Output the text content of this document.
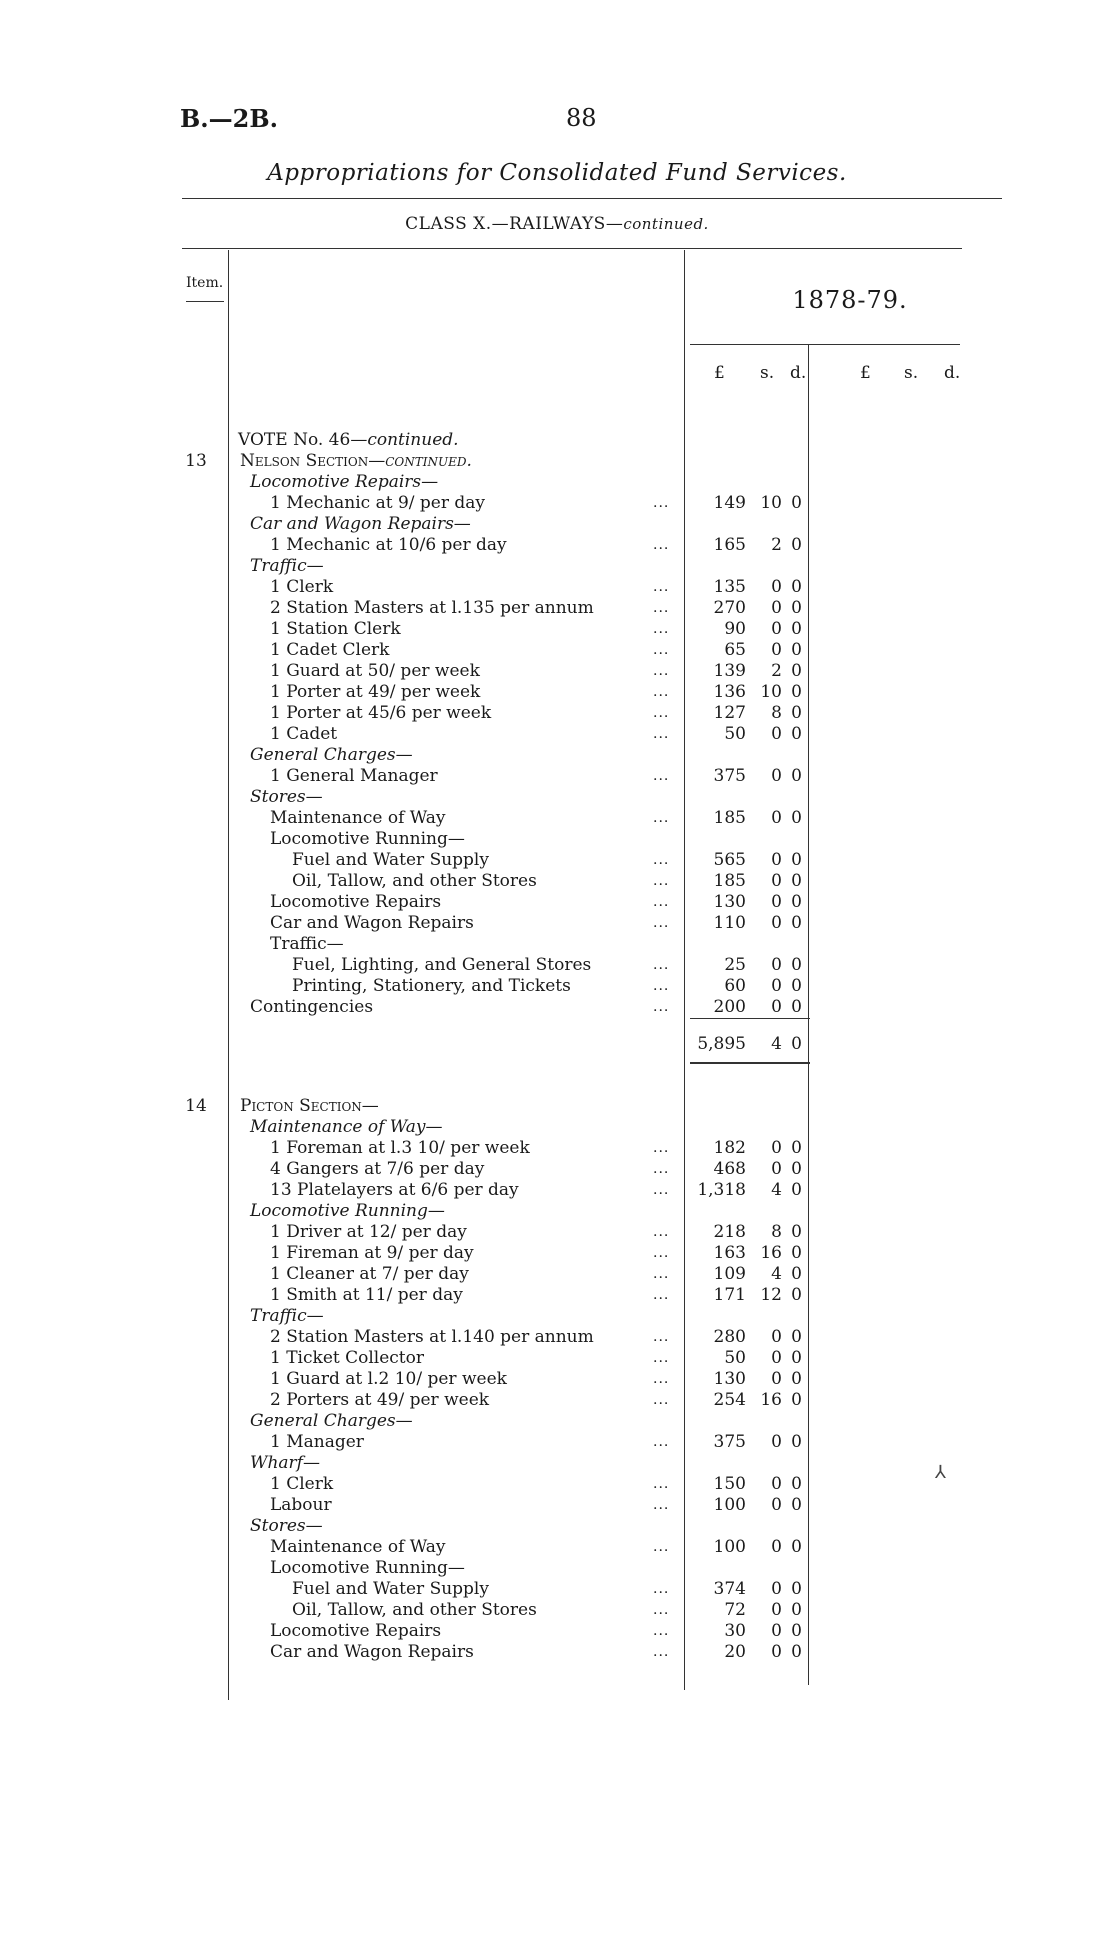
B.—2B.	88
Appropriations for Consolidated Fund Services.
CLASS X.—RAILWAYS—continued.
Item.
1878-79.
£ s. d.	£ s. d.
VOTE No. 46—continued.
13	Nelson Section—continued.
Locomotive Repairs—
1 Mechanic at 9/ per day	...	149 10 0
Car and Wagon Repairs—
1 Mechanic at 10/6 per day	...	165	2 0
Traffic—
1 Clerk	...	135	0 0
2 Station Masters at l.135 per annum	...	270	0 0
1 Station Clerk	...	90	0 0
1 Cadet Clerk	...	65	0 0
1 Guard at 50/ per week	...	139	2 0
1 Porter at 49/ per week	...	136 10 0
1 Porter at 45/6 per week	...	127	8 0
1 Cadet	...	50	0 0
General Charges—
1 General Manager	...	375	0 0
Stores—
Maintenance of Way	...	185	0 0
Locomotive Running—
Fuel and Water Supply	...	565	0 0
Oil, Tallow, and other Stores	...	185	0 0
Locomotive Repairs	...	130	0 0
Car and Wagon Repairs	...	110	0 0
Traffic—
Fuel, Lighting, and General Stores	...	25	0 0
Printing, Stationery, and Tickets	...	60	0 0
Contingencies	...	200	0 0
5,895	4 0
14	Picton Section—
Maintenance of Way—
1 Foreman at l.3 10/ per week	...	182	0 0
4 Gangers at 7/6 per day	...	468	0 0
13 Platelayers at 6/6 per day	...	1,318	4 0
Locomotive Running—
1 Driver at 12/ per day	...	218	8 0
1 Fireman at 9/ per day	...	163 16 0
1 Cleaner at 7/ per day	...	109	4 0
1 Smith at 11/ per day	...	171 12 0
Traffic—
2 Station Masters at l.140 per annum	...	280	0 0
1 Ticket Collector	...	50	0 0
1 Guard at l.2 10/ per week	...	130	0 0
2 Porters at 49/ per week	...	254 16 0
General Charges—
1 Manager	...	375	0 0
Wharf—
1 Clerk	...	150	0 0
Labour	...	100	0 0
Stores—
Maintenance of Way	...	100	0 0
Locomotive Running—
Fuel and Water Supply	...	374	0 0
Oil, Tallow, and other Stores	...	72	0 0
Locomotive Repairs	...	30	0 0
Car and Wagon Repairs	...	20	0 0
⅄
